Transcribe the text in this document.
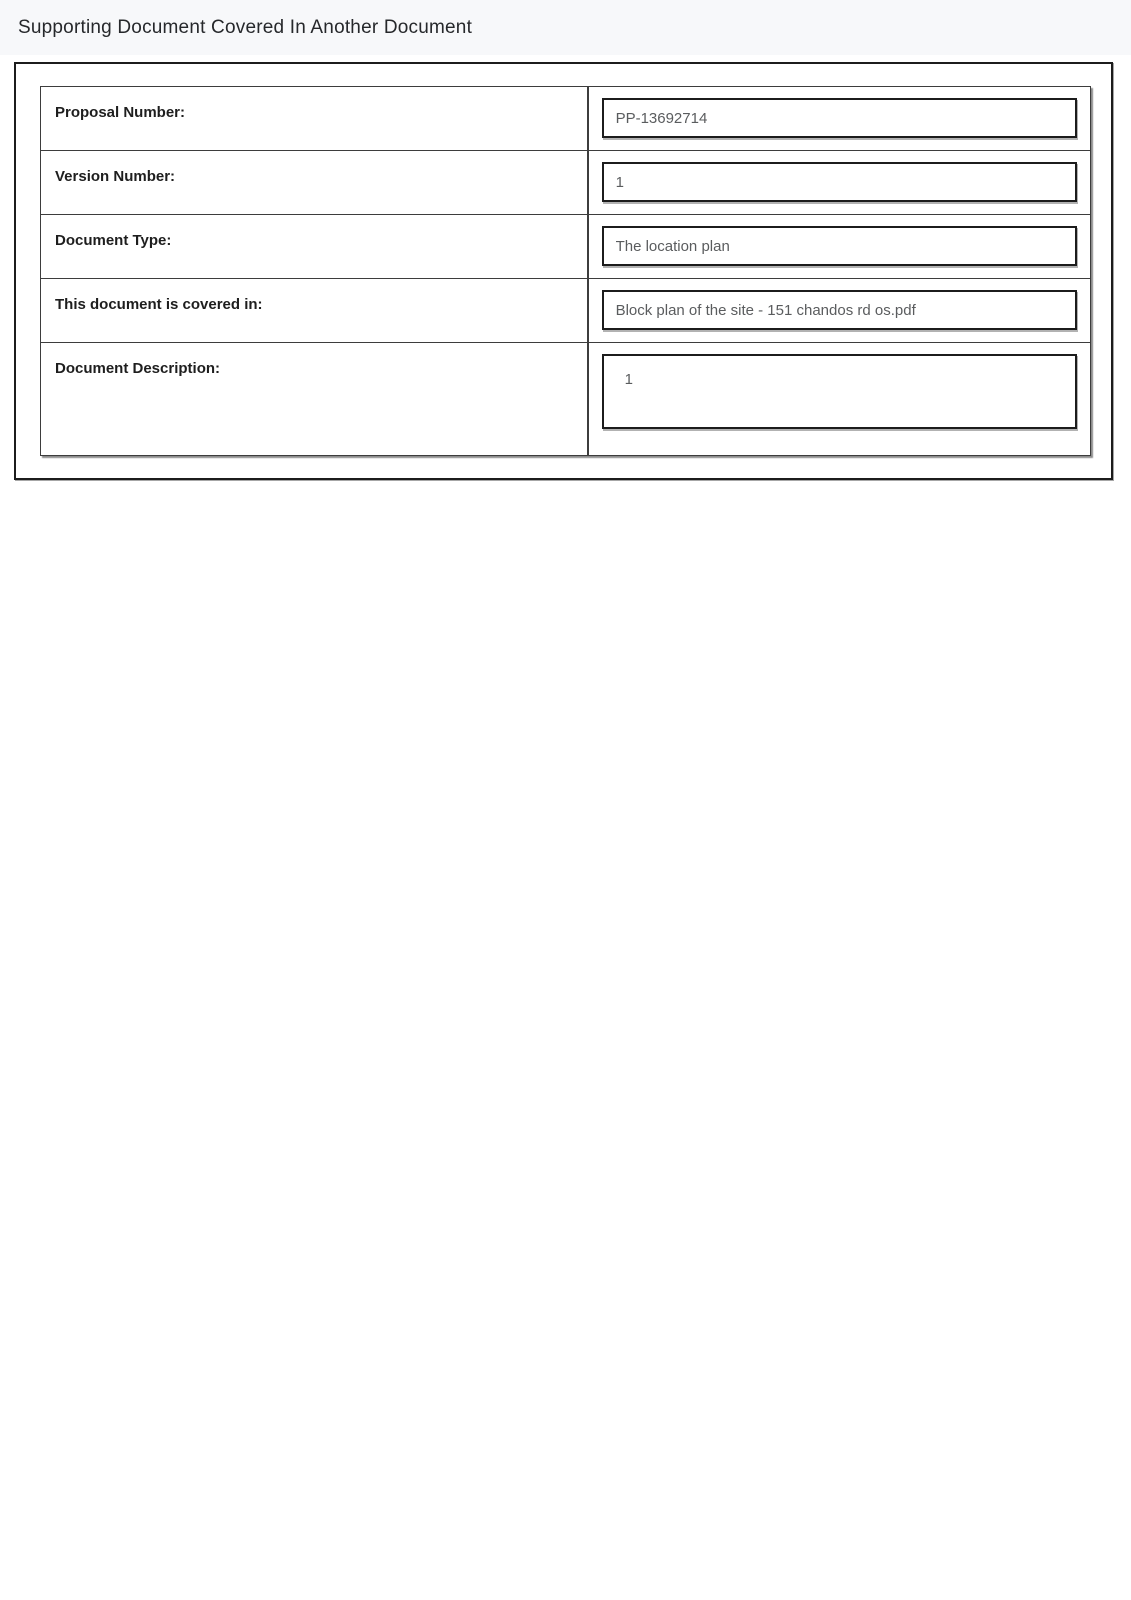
Supporting Document Covered In Another Document
Proposal Number:
PP-13692714
Version Number:
1
Document Type:
The location plan
This document is covered in:
Block plan of the site - 151 chandos rd os.pdf
Document Description:
1
